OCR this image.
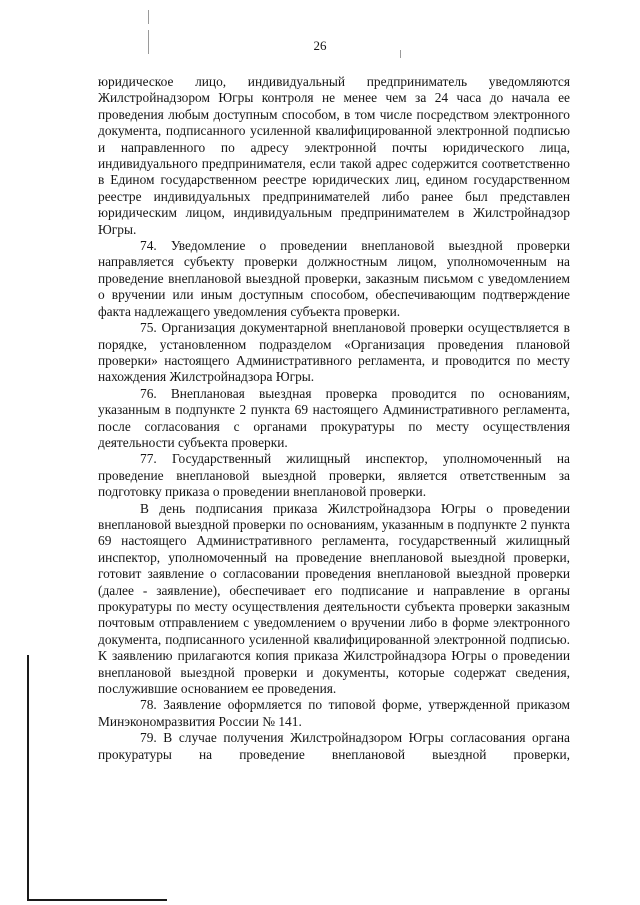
26

юридическое лицо, индивидуальный предприниматель уведомляются Жилстройнадзором Югры контроля не менее чем за 24 часа до начала ее проведения любым доступным способом, в том числе посредством электронного документа, подписанного усиленной квалифицированной электронной подписью и направленного по адресу электронной почты юридического лица, индивидуального предпринимателя, если такой адрес содержится соответственно в Едином государственном реестре юридических лиц, едином государственном реестре индивидуальных предпринимателей либо ранее был представлен юридическим лицом, индивидуальным предпринимателем в Жилстройнадзор Югры.

74. Уведомление о проведении внеплановой выездной проверки направляется субъекту проверки должностным лицом, уполномоченным на проведение внеплановой выездной проверки, заказным письмом с уведомлением о вручении или иным доступным способом, обеспечивающим подтверждение факта надлежащего уведомления субъекта проверки.

75. Организация документарной внеплановой проверки осуществляется в порядке, установленном подразделом «Организация проведения плановой проверки» настоящего Административного регламента, и проводится по месту нахождения Жилстройнадзора Югры.

76. Внеплановая выездная проверка проводится по основаниям, указанным в подпункте 2 пункта 69 настоящего Административного регламента, после согласования с органами прокуратуры по месту осуществления деятельности субъекта проверки.

77. Государственный жилищный инспектор, уполномоченный на проведение внеплановой выездной проверки, является ответственным за подготовку приказа о проведении внеплановой проверки.

В день подписания приказа Жилстройнадзора Югры о проведении внеплановой выездной проверки по основаниям, указанным в подпункте 2 пункта 69 настоящего Административного регламента, государственный жилищный инспектор, уполномоченный на проведение внеплановой выездной проверки, готовит заявление о согласовании проведения внеплановой выездной проверки (далее - заявление), обеспечивает его подписание и направление в органы прокуратуры по месту осуществления деятельности субъекта проверки заказным почтовым отправлением с уведомлением о вручении либо в форме электронного документа, подписанного усиленной квалифицированной электронной подписью. К заявлению прилагаются копия приказа Жилстройнадзора Югры о проведении внеплановой выездной проверки и документы, которые содержат сведения, послужившие основанием ее проведения.

78. Заявление оформляется по типовой форме, утвержденной приказом Минэкономразвития России № 141.

79. В случае получения Жилстройнадзором Югры согласования органа прокуратуры на проведение внеплановой выездной проверки,
